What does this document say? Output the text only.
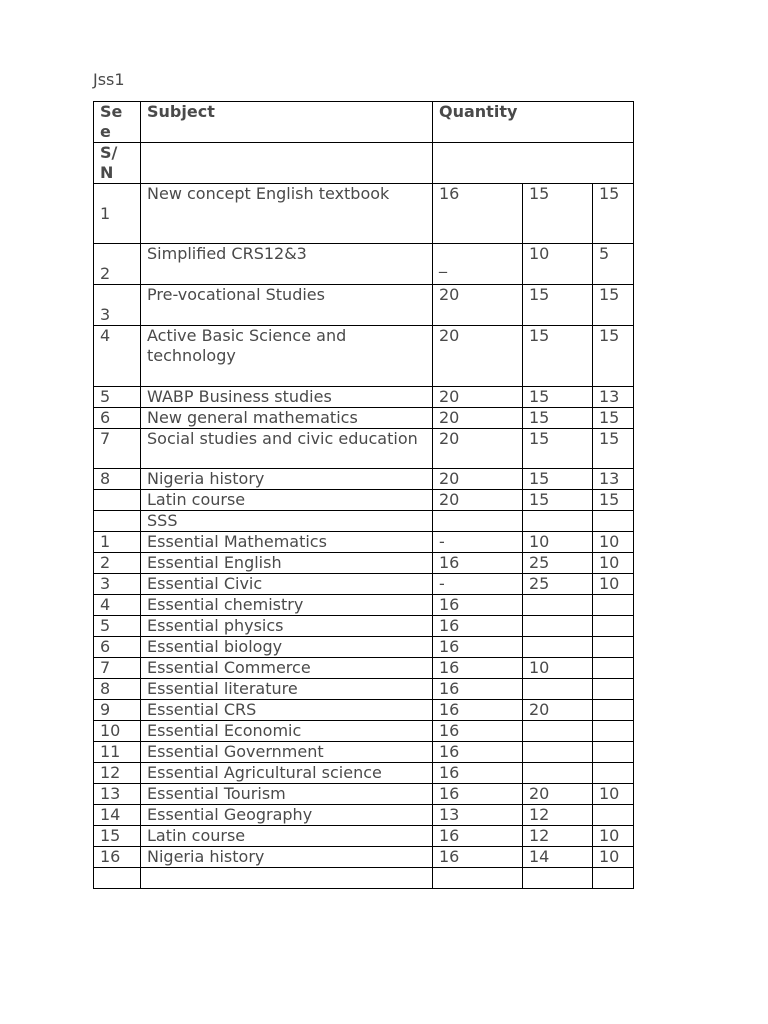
Jss1
Se e	Subject	Quantity		
S/ N				
1	New concept English textbook	16	15	15
2	Simplified CRS12&3	_	10	5
3	Pre-vocational Studies	20	15	15
4	Active Basic Science and technology	20	15	15
5	WABP Business studies	20	15	13
6	New general mathematics	20	15	15
7	Social studies and civic education	20	15	15
8	Nigeria history	20	15	13
	Latin course	20	15	15
	SSS			
1	Essential Mathematics	-	10	10
2	Essential English	16	25	10
3	Essential Civic	-	25	10
4	Essential chemistry	16		
5	Essential physics	16		
6	Essential biology	16		
7	Essential Commerce	16	10	
8	Essential literature	16		
9	Essential CRS	16	20	
10	Essential Economic	16		
11	Essential Government	16		
12	Essential Agricultural science	16		
13	Essential Tourism	16	20	10
14	Essential Geography	13	12	
15	Latin course	16	12	10
16	Nigeria history	16	14	10
